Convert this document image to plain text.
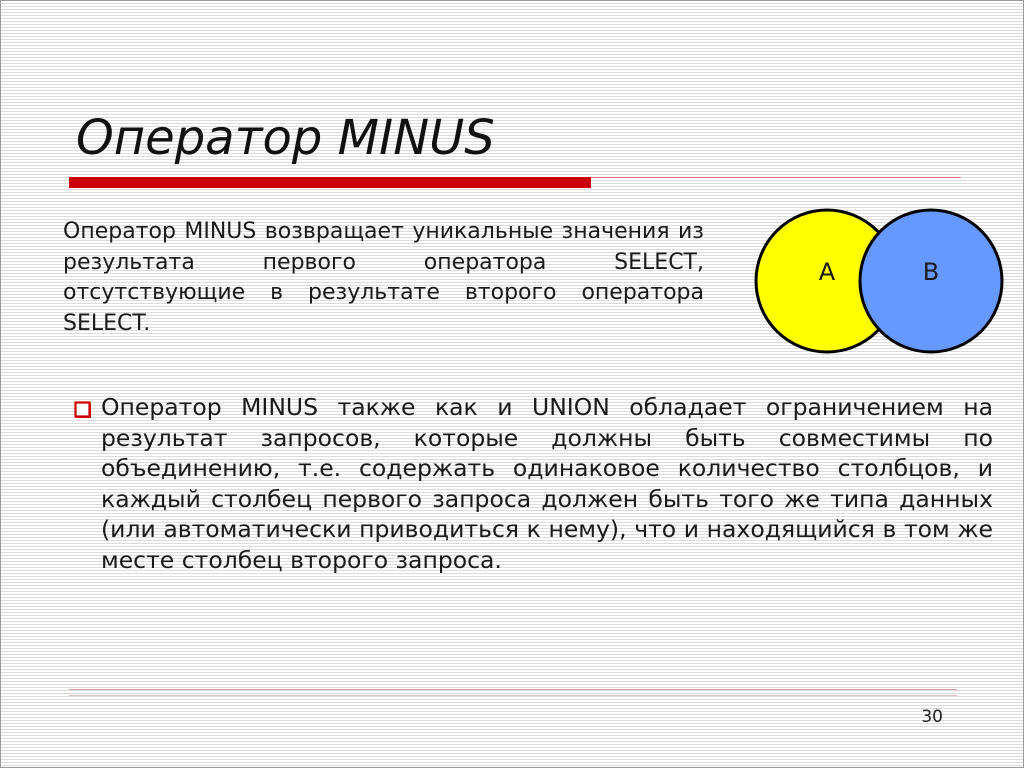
Оператор MINUS

Оператор MINUS возвращает уникальные значения из результата первого оператора SELECT, отсутствующие в результате второго оператора SELECT.

A	B

Оператор MINUS также как и UNION обладает ограничением на результат запросов, которые должны быть совместимы по объединению, т.е. содержать одинаковое количество столбцов, и каждый столбец первого запроса должен быть того же типа данных (или автоматически приводиться к нему), что и находящийся в том же месте столбец второго запроса.

30
